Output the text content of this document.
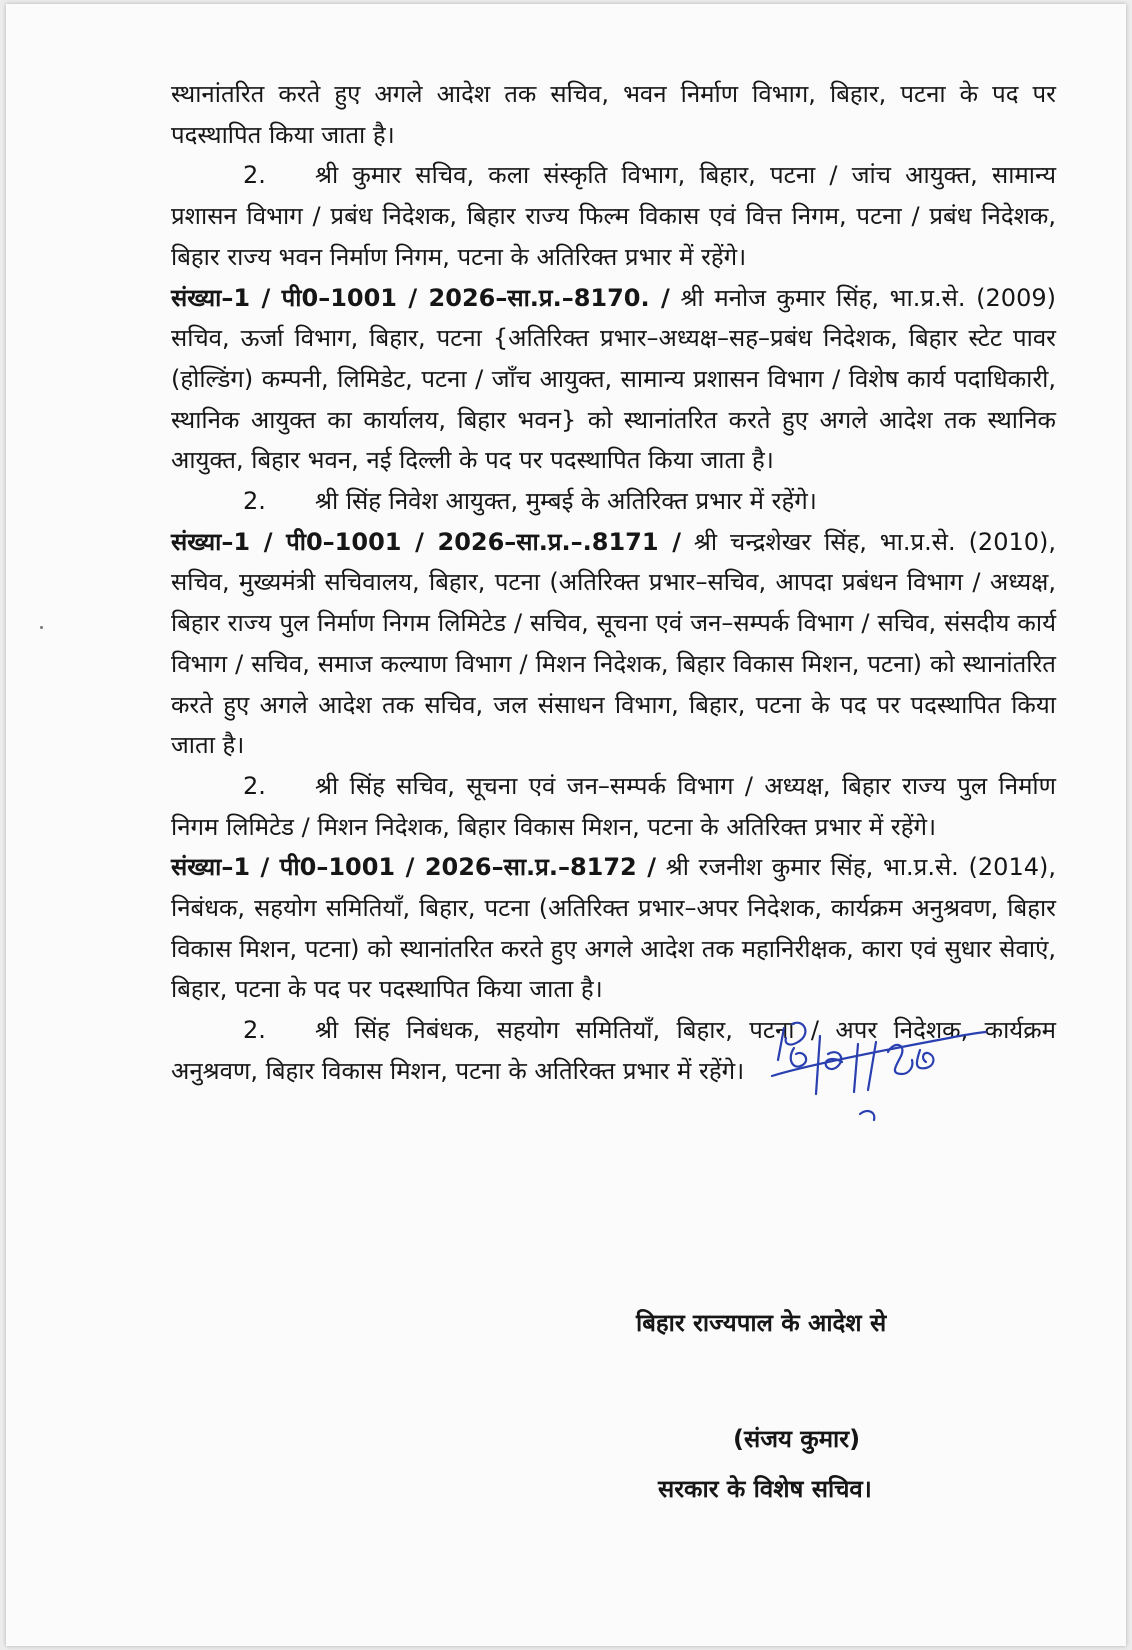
स्थानांतरित करते हुए अगले आदेश तक सचिव, भवन निर्माण विभाग, बिहार, पटना के पद पर पदस्थापित किया जाता है।

2. श्री कुमार सचिव, कला संस्कृति विभाग, बिहार, पटना / जांच आयुक्त, सामान्य प्रशासन विभाग / प्रबंध निदेशक, बिहार राज्य फिल्म विकास एवं वित्त निगम, पटना / प्रबंध निदेशक, बिहार राज्य भवन निर्माण निगम, पटना के अतिरिक्त प्रभार में रहेंगे।

संख्या–1 / पी0–1001 / 2026–सा.प्र.–8170. / श्री मनोज कुमार सिंह, भा.प्र.से. (2009) सचिव, ऊर्जा विभाग, बिहार, पटना {अतिरिक्त प्रभार–अध्यक्ष–सह–प्रबंध निदेशक, बिहार स्टेट पावर (होल्डिंग) कम्पनी, लिमिडेट, पटना / जाँच आयुक्त, सामान्य प्रशासन विभाग / विशेष कार्य पदाधिकारी, स्थानिक आयुक्त का कार्यालय, बिहार भवन} को स्थानांतरित करते हुए अगले आदेश तक स्थानिक आयुक्त, बिहार भवन, नई दिल्ली के पद पर पदस्थापित किया जाता है।

2. श्री सिंह निवेश आयुक्त, मुम्बई के अतिरिक्त प्रभार में रहेंगे।

संख्या–1 / पी0–1001 / 2026–सा.प्र.–.8171 / श्री चन्द्रशेखर सिंह, भा.प्र.से. (2010), सचिव, मुख्यमंत्री सचिवालय, बिहार, पटना (अतिरिक्त प्रभार–सचिव, आपदा प्रबंधन विभाग / अध्यक्ष, बिहार राज्य पुल निर्माण निगम लिमिटेड / सचिव, सूचना एवं जन–सम्पर्क विभाग / सचिव, संसदीय कार्य विभाग / सचिव, समाज कल्याण विभाग / मिशन निदेशक, बिहार विकास मिशन, पटना) को स्थानांतरित करते हुए अगले आदेश तक सचिव, जल संसाधन विभाग, बिहार, पटना के पद पर पदस्थापित किया जाता है।

2. श्री सिंह सचिव, सूचना एवं जन–सम्पर्क विभाग / अध्यक्ष, बिहार राज्य पुल निर्माण निगम लिमिटेड / मिशन निदेशक, बिहार विकास मिशन, पटना के अतिरिक्त प्रभार में रहेंगे।

संख्या–1 / पी0–1001 / 2026–सा.प्र.–8172 / श्री रजनीश कुमार सिंह, भा.प्र.से. (2014), निबंधक, सहयोग समितियाँ, बिहार, पटना (अतिरिक्त प्रभार–अपर निदेशक, कार्यक्रम अनुश्रवण, बिहार विकास मिशन, पटना) को स्थानांतरित करते हुए अगले आदेश तक महानिरीक्षक, कारा एवं सुधार सेवाएं, बिहार, पटना के पद पर पदस्थापित किया जाता है।

2. श्री सिंह निबंधक, सहयोग समितियाँ, बिहार, पटना / अपर निदेशक, कार्यक्रम अनुश्रवण, बिहार विकास मिशन, पटना के अतिरिक्त प्रभार में रहेंगे।

बिहार राज्यपाल के आदेश से
(संजय कुमार)
सरकार के विशेष सचिव।
